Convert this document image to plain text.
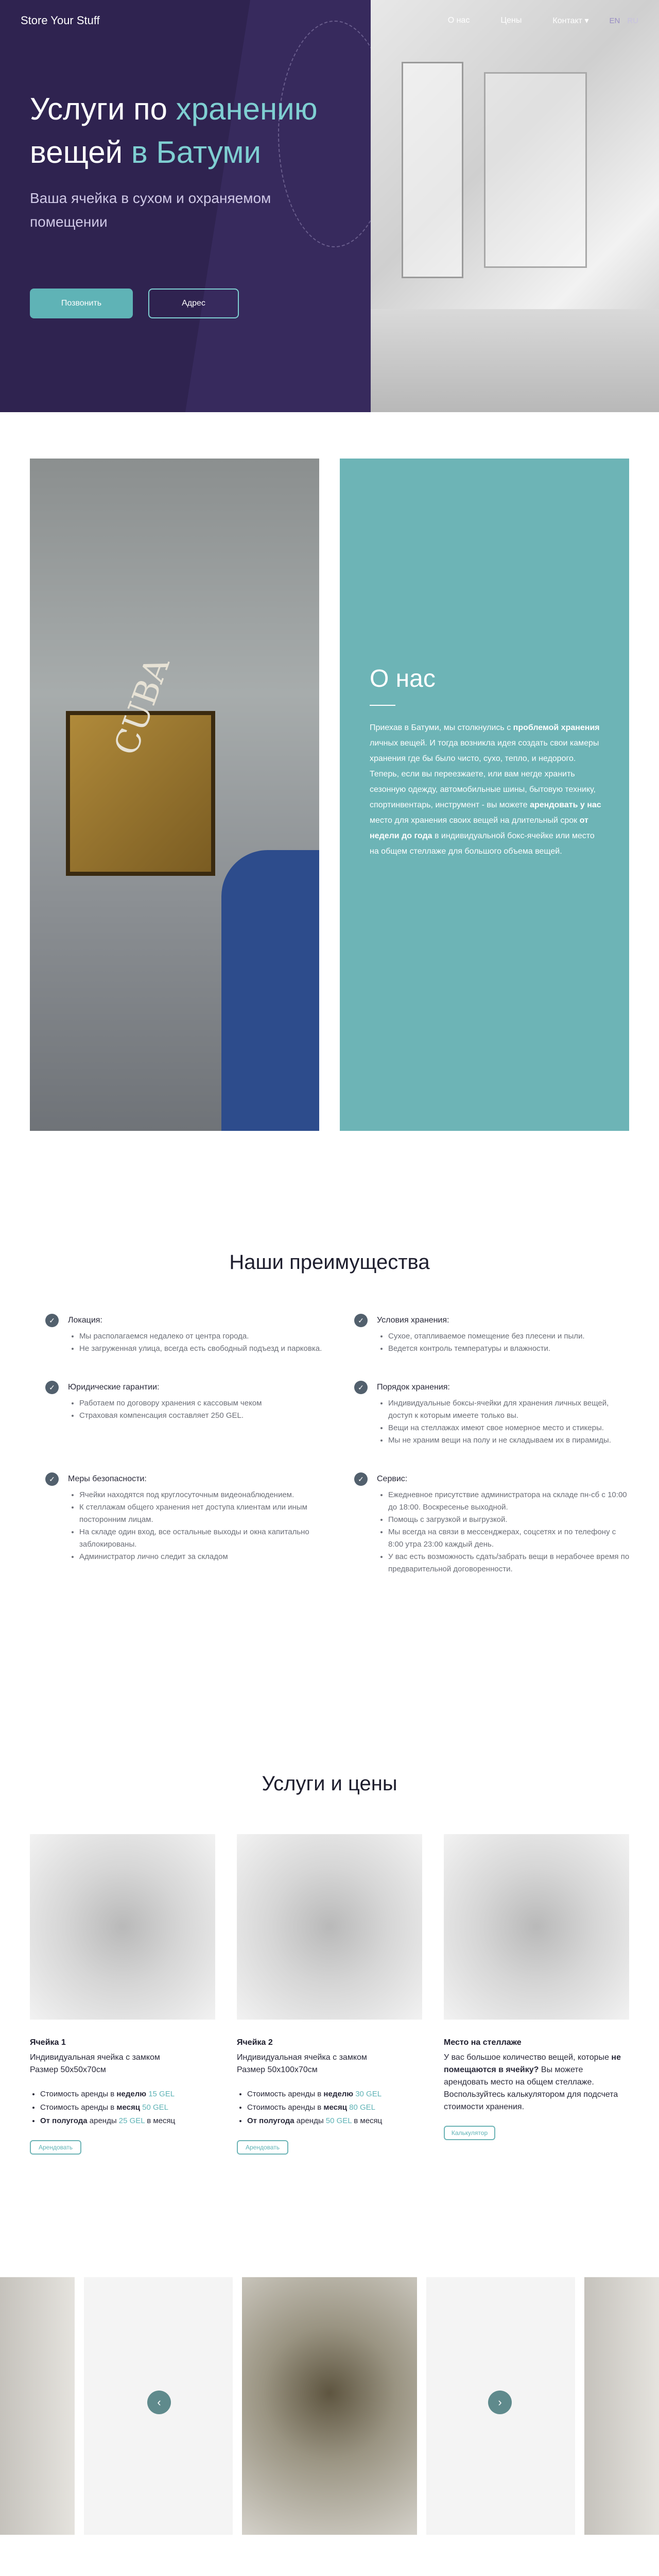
Store Your Stuff	О нас	Цены	Контакт ▾	EN RU
Услуги по хранению
вещей в Батуми

Ваша ячейка в сухом и охраняемом помещении

Позвонить	Адрес
CUBA	О нас

Приехав в Батуми, мы столкнулись с проблемой хранения личных вещей. И тогда возникла идея создать свои камеры хранения где бы было чисто, сухо, тепло, и недорого. Теперь, если вы переезжаете, или вам негде хранить сезонную одежду, автомобильные шины, бытовую технику, спортинвентарь, инструмент - вы можете арендовать у нас место для хранения своих вещей на длительный срок от недели до года в индивидуальной бокс-ячейке или место на общем стеллаже для большого объема вещей.

Наши преимущества
✓	Локация:
• Мы располагаемся недалеко от центра города.
• Не загруженная улица, всегда есть свободный подъезд и парковка.
✓	Условия хранения:
• Сухое, отапливаемое помещение без плесени и пыли.
• Ведется контроль температуры и влажности.
✓	Юридические гарантии:
• Работаем по договору хранения с кассовым чеком
• Страховая компенсация составляет 250 GEL.
✓	Порядок хранения:
• Индивидуальные боксы-ячейки для хранения личных вещей, доступ к которым имеете только вы.
• Вещи на стеллажах имеют свое номерное место и стикеры.
• Мы не храним вещи на полу и не складываем их в пирамиды.
✓	Меры безопасности:
• Ячейки находятся под круглосуточным видеонаблюдением.
• К стеллажам общего хранения нет доступа клиентам или иным посторонним лицам.
• На складе один вход, все остальные выходы и окна капитально заблокированы.
• Администратор лично следит за складом
✓	Сервис:
• Ежедневное присутствие администратора на складе пн-сб с 10:00 до 18:00. Воскресенье выходной.
• Помощь с загрузкой и выгрузкой.
• Мы всегда на связи в мессенджерах, соцсетях и по телефону с 8:00 утра 23:00 каждый день.
• У вас есть возможность сдать/забрать вещи в нерабочее время по предварительной договоренности.
Услуги и цены
Ячейка 1
Индивидуальная ячейка с замком
Размер 50х50х70см
• Стоимость аренды в неделю 15 GEL
• Стоимость аренды в месяц 50 GEL
• От полугода аренды 25 GEL в месяц
Арендовать
Ячейка 2
Индивидуальная ячейка с замком
Размер 50х100х70см
• Стоимость аренды в неделю 30 GEL
• Стоимость аренды в месяц 80 GEL
• От полугода аренды 50 GEL в месяц
Арендовать
Место на стеллаже
У вас большое количество вещей, которые не помещаются в ячейку? Вы можете арендовать место на общем стеллаже.
Воспользуйтесь калькулятором для подсчета стоимости хранения.
Калькулятор
‹	›
